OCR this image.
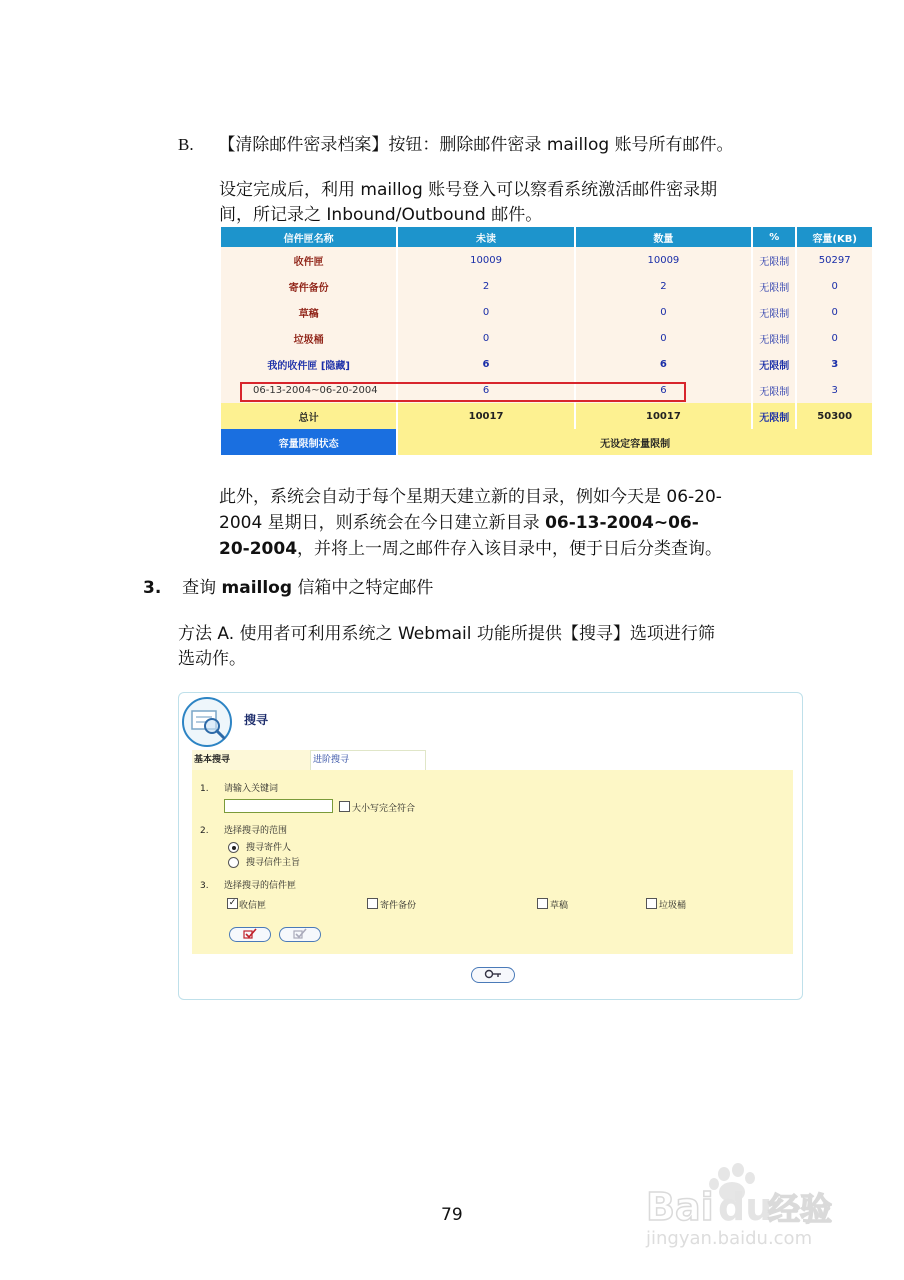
B. 【清除邮件密录档案】按钮：删除邮件密录 maillog 账号所有邮件。
设定完成后，利用 maillog 账号登入可以察看系统激活邮件密录期
间，所记录之 Inbound/Outbound 邮件。
信件匣名称	未读	数量	%	容量(KB)
收件匣	10009	10009	无限制	50297
寄件备份	2	2	无限制	0
草稿	0	0	无限制	0
垃圾桶	0	0	无限制	0
我的收件匣 [隐藏]	6	6	无限制	3
06-13-2004~06-20-2004	6	6	无限制	3
总计	10017	10017	无限制	50300
容量限制状态	无设定容量限制			
此外，系统会自动于每个星期天建立新的目录，例如今天是 06-20-
2004 星期日，则系统会在今日建立新目录 06-13-2004~06-
20-2004，并将上一周之邮件存入该目录中，便于日后分类查询。
3. 查询 maillog 信箱中之特定邮件
方法 A. 使用者可利用系统之 Webmail 功能所提供【搜寻】选项进行筛
选动作。
搜寻
基本搜寻	进阶搜寻
1. 请输入关键词
大小写完全符合
2. 选择搜寻的范围
搜寻寄件人
搜寻信件主旨
3. 选择搜寻的信件匣
✓ 收信匣	寄件备份	草稿	垃圾桶
79	Bai du
经验
jingyan.baidu.com
